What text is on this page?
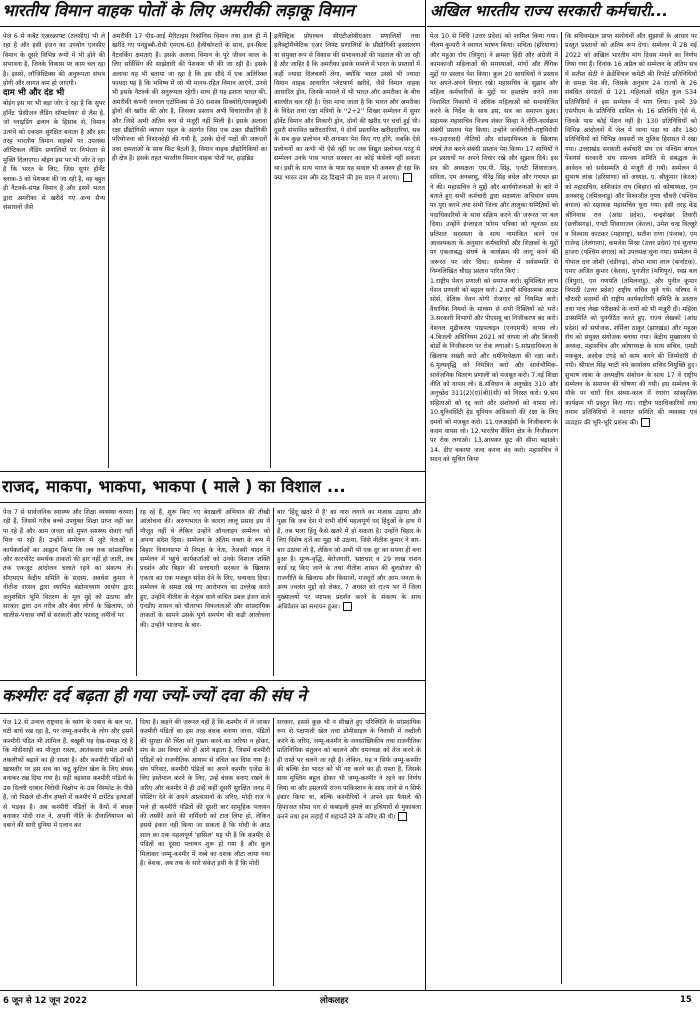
भारतीय विमान वाहक पोतों के लिए अमरीकी लड़ाकू विमान

पेज 6 से कंबैट एअरक्राफ्ट (टलसीए) भी ले रहा है और इसी इंजन का उपयोग एलसीए विमान के दूसरे विभिन्न रूपों में भी होने की संभावना है, जिनके विकास पर काम चल रहा है। इससे, लॉजिस्टिक्स की अनुरूपता संभव होगी और लागत कम हो जाएगी।

दाम भी और दंड भी

बोइंग इस पर भी बड़ा जोर दे रहा है कि सुपर हॉर्नेट 'प्रेसीजन लैंडिंग सॉफ्टवेयर' से लैस है, जो ग्लाइडिंग ढलान के हिसाब से, विमान उतरने को एकदम सुरक्षित बनाता है और इस तरह भारतीय विमान वाहकों पर उपलब्ध ऑप्टिकल लैंडिंग प्रणालियों पर निर्भरता से मुक्ति दिलाएगा। बोइंग इस पर भी जोर दे रहा है कि भारत के लिए, जिस सुपर हॉर्नेट ब्लाक-3 को पेशकश की जा रही है, वह बहुत ही नैटवर्क-संपन्न विमान है और इसमें भारत द्वारा अमरीका से खरीदे गए अन्य सैन्य संसाधनों जैसे

अमरीकी 17 पीड-आई मैरीटाइम रिकॉनिस विमान तथा हाल ही में खरीदे गए पनडुब्बी-रोधी एमएच-60 हैलीकोप्टरों के साथ, इन-बिल्ट नैटवर्किंग क्षमताएं हैं। इसके अलावा विमान के पूरे जीवन काल के लिए सर्विसिंग की साझेदारी की पेशकश भी की जा रही है। इसके अलावा यह भी बताया जा रहा है कि इस सौदे में एक अतिरिक्त फायदा यह है कि भविष्य में जो भी मानव-रहित विमान आएंगे, उनसे भी इसके नैटवर्क की अनुरूपता रहेगी। साथ ही यह इशारा भारत की, अमरीकी कंपनी जनरल एटोमिक्स से 30 सशस्त्र सिक्योरी/एमक्यू9बी ड्रोनों की खरीद की ओर है, जिसका प्रस्ताव अभी विचाराधीन ही है और जिसे अभी अंतिम रूप से मंजूरी नहीं मिली है। इसके अलावा रक्षा प्रौद्योगिकी व्यापार पहल के अंतर्गत जिस एक उन्नत प्रौद्योगिकी परियोजना को निशानदेही की गयी है, उसके दोनों पक्षों की जरूरतों तथा क्षमताओं के साथ फिट बैठती है, विमान वाहक प्रौद्योगिकियों का ही क्षेत्र है। इसके तहत भारतीय विमान वाहक पोतों पर, हाइब्रिड

इलैक्ट्रिक प्रोपल्सन सीएटीओबीएआर प्रणालियों तथा इलैक्ट्रोमैग्नेटिक एअर लिफ्ट प्रणालियों के प्रौद्योगिकी हस्तांतरण या संयुक्त रूप से विकास की संभावनाओं की पड़ताल की जा रही है और जाहिर है कि अमरीका इसके मामले में भारत के प्रस्तावों में कहीं ज्यादा दिलचस्पी लेगा, क्योंकि भारत उससे भी ज्यादा विमान वाहक आधारित प्लेटफार्म खरीदे, जैसे विमान वाहक आधारित ड्रोन, जिनके मामले में भी भारत और अमरीका के बीच बातचीत चल रही है। ऐसा माना जाता है कि भारत और अमरीका के विदेश तथा रक्षा मंत्रियों के ''2+2'' शिखर सम्मेलन में सुपर हॉर्नेट विमान और शिकारी ड्रोन, दोनों की खरीद पर चर्चा हुई थी। दूसरी संभावित खरीददारियां, ये दोनों प्रस्तावित खरीददारियां, सब के सब कुछ प्रलोभन भी लगाकर पेश किए गए होंगे, जबकि ऐसे प्रलोभनों का कभी भी ऐसे नहीं पर जब विद्युत प्रलोभन परंतु ये सम्मेलन उनके पास भारत सरकार का कोई कंसेलो नहीं सकता था। इसी के साथ भारत के पास यह सवाल भी अवश्य ही रहा कि क्या भारत दाम और दंड दिखाने की इस चाल में आएगा।

अखिल भारतीय राज्य सरकारी कर्मचारी...

पेज 10 से निधि (उत्तर प्रदेश) को शामिल किया गया। नीलम कुमारी ने स्वागत भाषण किया। सचिता (हरियाणा) और महुआ रॉय (त्रिपुरा) ने क्रमशः हिंदी और अंग्रेजी में कामकाजी महिलाओं की समस्याओं, मांगों और लैंगिक मुद्दों पर प्रस्ताव पेश किया। कुल 20 सायथियों ने प्रस्ताव पर अपने-अपने विचार रखे। महासचिव के सुझाव और महिला कर्मचारियों के मुद्दों पर हस्तक्षेप करने तथा निवासित निकायों में अधिक महिलाओं को समायोजित करने के निर्देश के साथ इस, सत्र का समापन हुआ। सहायक महासचिव विजय शंकर सिन्हा ने नीति-कार्यक्रम संबंधी प्रस्ताव पेश किया। उन्होंने जनविरोधी-राष्ट्रविरोधी नव-उदारवादी नीतियों और सांप्रदायिकता के खिलाफ संघर्ष तेज करने संबंधी प्रस्ताव पेश किया। 17 साथियों ने इन प्रस्तावों पर अपने विचार रखे और सुझाव दिये। इस सत्र की अध्यक्षता एस.पी. सिंह, एनटी शिवाराजन, सविता, एम अनबरसु, वीरेंद्र सिंह बघेल और गणपत झा ने की। महासचिव ने मुद्दों और कार्ययोजनाओं के बारे में बताते हुए सभी कर्मचारी द्वारा सदस्यता अभियान समय पर पूरा करने तथा सभी जिला और तालुका समितियों को पदाधिकारियों के साथ सक्रिय करने की जरूरत पर बल दिया। उन्होंने इंप्लाइज फोरम पत्रिका को न्यूनतम दस प्रतिशत सदस्यता के साथ नामांकित करने एवं आवश्यकता के अनुसार कर्मचारियों और शिक्षकों के मुद्दों पर एकताबद्ध संघर्ष के कार्यक्रम की लागू करने की जरूरत पर जोर दिया। सम्मेलन में सर्वसम्मति से निम्नलिखित चौदह प्रस्ताव पारित किए :

1.राष्ट्रीय पेंशन प्रणाली को समाप्त करो। सुनिश्चित लाभ पेंशन प्रणाली को बहाल करो। 2.सभी संविदात्मक आउट सोर्स, डेलिक वेतन योगी रोजगार को नियमित करो। वैधानिक नियमों के माध्यम से सभी रिक्तियों को भरो। 3.सरकारी विभागों और पीएसयू का निजीकरण बंद करो। नेशनल मुद्रीकरण पाइपलाइन (एनएमपी) वापस लो। 4.बिजली अधिनियम 2021 को वापस लो और बिजली बोर्डों के निजीकरण पर रोक लगाओ। 5.सांप्रदायिकता के खिलाफ सख्ती करो और धर्मनिरपेक्षता की रक्षा करो। 6.मूल्यवृद्धि को नियंत्रित करो और सार्वभौमिक-सार्वजनिक वितरण प्रणाली को मजबूत करो। 7.नई शिक्षा नीति को वापस लो। 8.संविधान के अनुच्छेद 310 और अनुच्छेद 311(2)(ए)(बी)(सी) को निरस्त करो। 9.श्रम संहिताओं को रद्द करो और संशोधनों को वापस लो। 10.यूनिवर्सिटी हेड यूनियन अधिकारों की रक्षा के लिए दमनों को मजबूत करो। 11.एलआईसी के निजीकरण के कदम वापस लो। 12.भारतीय बैंकिंग क्षेत्र के निजीकरण पर रोक लगाओ। 13.आयकर छूट की सीमा बढ़ाओ। 14. डीए बकाया जल्द करना बंद करो। महासचिव ने सदन को सूचित किया

कि सचिवमंडल प्राप्त संशोधनों और सुझावों के आधार पर प्रस्तुत प्रस्तावों को अंतिम रूप देगा। सम्मेलन में 28 मई 2022 को अखिल भारतीय मांग दिवस मनाने का निर्णय लिया गया है। दिनांक 16 अप्रैल को सम्मेलन के अंतिम सत्र में सतीश सेठी ने क्रेडेंशियल कमेटी की रिपोर्ट प्रतिनिधियों के समक्ष पेश की, जिसके अनुसार 24 राज्यों के 26 संबंधित संगठनों से 121 महिलाओं सहित कुल 534 प्रतिनिधियों ने इस सम्मेलन में भाग लिया। इनमें 39 एसपीएम के प्रतिनिधि शामिल थे। 16 प्रतिनिधि ऐसे थे, जिनके पास कोई पेंशन नहीं है। 130 प्रतिनिधियों को विभिन्न आंदोलनों में जेल में जाना पड़ा था और 180 प्रतिनिधियों को विभिन्न अवसरों पर पुलिस हिरासत में रखा गया। उत्तराखंड सरकारी कर्मचारी संघ एवं पश्चिम बंगाल पेंशनर्स सरकारी संघ समन्वय समिति से संबद्धता के आवेदन को सर्वसम्मति से मंजूरी दी गयी। सम्मेलन में सुभाष लांबा (हरियाणा) को अध्यक्ष, ए. श्रीकुमार (केरल) को महासचिव, शशिकांत राय (बिहार) को कोषाध्यक्ष, एम अनबरसु (तमिलनाडु) और विश्वजीत गुप्ता चौधरी (पश्चिम बंगाल) को सहायक महासचिव चुना गया। इसी तरह केंद्र श्रीनिवास राव (आंध्र प्रदेश), चन्द्रशेखर तिवारी (छत्तीसगढ़), एनटी शिवाराजन (केरल), उमेश चन्द्र विल्लुरे व विश्वास काटकर (महाराष्ट्र), सतीश राणा (पंजाब), एम राजेन्द्र (तेलंगाना), कमलेश मिश्रा (उत्तर प्रदेश) एवं सुतापा हाजरा (पश्चिम बंगाल) को उपाध्यक्ष चुना गया। सम्मेलन में गोपाल दत्त जोशी (चंडीगढ़), शोभा माया लाल (कर्नाटक), एमए अजित कुमार (केरल), पुनजीत (मणिपुर), स्वप्न बल (त्रिपुरा), एम गणपति (तमिलनाडु), और पुनीत कुमार त्रिपाठी (उत्तर प्रदेश) राष्ट्रीय सचिव चुने गये। परिषद ने चौरासी सदस्यों की राष्ट्रीय कार्यकारिणी समिति के प्रस्ताव तथा पांच लेखा परीक्षकों के नामों को भी मंजूरी दी। महिला उपसमिति को पुनर्गठित करते हुए, राज्य लेखकों (आंध्र प्रदेश) को संयोजक, शर्मिला ठाकुर (झारखंड) और महुआ रॉय को संयुक्त संयोजक बनाया गया। केंद्रीय मुख्यालय से अध्यक्ष, महासचिव और कोषाध्यक्ष के साथ सचिव, एमडी मकबूल, अशोक टंगड़े को काम करने की जिम्मेदारी दी गयी। श्रीपाल सिंह भाटी नये कार्यालय सचिव नियुक्ति हुए। सुभाष लांबा के अध्यक्षीय संबोधन के साथ 17 वें राष्ट्रीय सम्मेलन के समापन की घोषणा की गयी। इस सम्मेलन के मौके पर चारों दिन संध्या-काल में रंगारंग सांस्कृतिक कार्यक्रम भी प्रस्तुत किए गए। राष्ट्रीय पदाधिकारियों तथा तमाम प्रतिनिधियों ने स्वागत समिति की व्यवस्था एवं व्यवहार की भूरि-भूरि प्रशंसा की।

राजद, माकपा, भाकपा, भाकपा ( माले ) का विशाल ...

पेज 7 से सार्वजनिक स्वास्थ्य और शिक्षा व्यवस्था चरमरा रही है, जिससे गरीब बच्चे उपयुक्त शिक्षा प्राप्त नहीं कर पा रहे हैं और आम जनता को मुफ्त स्वास्थ्य सेवाएं नहीं मिल पा रही हैं। उन्होंने सम्मेलन में जुटे नेताओं व कार्यकर्ताओं का आह्वान किया कि जब तक सांप्रदायिक और कारपोरेट समर्थक ताकतों की हार नहीं हो जाती, तब तक एकजुट आंदोलन चलाते रहने का संकल्प लें। सीएमएम केंद्रीय समिति के सदस्य, अवधेश कुमार ने नीतीश शासन द्वारा स्थापित बंद्योपाध्याय आयोग द्वारा अनुशंसित भूमि वितरण के मूल मुद्दे को उठाया और सरकार द्वारा उन गरीब और बेघर लोगों के खिलाफ, जो चालीस-पचास वर्षों से सरकारी और फालतू जमीनों पर

रह रहे हैं, शुरू किए गए बेदखली अभियान की तीखी आलोचना की। अरुणभारत के कारण लालू प्रसाद इस में मौजूद नहीं थे लेकिन उन्होंने ऑनलाइन सम्मेलन को अपना संदेश दिया। सम्मेलन के अंतिम वक्ता के रूप में बिहार विधानसभा में विपक्ष के नेता, तेजस्वी यादव ने सम्मेलन में पहुंचे कार्यकर्ताओं को उनके विशाल शक्ति प्रदर्शन और बिहार की सत्ताधारी सरकार के खिलाफ एकता का एक मजबूत संदेश देने के लिए, धन्यवाद दिया। सम्मेलन के समक्ष रखे गए आरोपपत्र का उल्लेख करते हुए, उन्होंने नीतीश के नेतृत्व वाले कथित डबल इंजन वाले एनडीए शासन को चौतरफा विफलताओं और सांप्रदायिक ताकतों के सामने उसके पूर्ण समर्पण की कड़ी आलोचना की। उन्होंने भाजपा के बार-

बार 'हिंदू खतरे में है' का नारा लगाने का मजाक उड़ाया और पूछा कि जब देश में सभी शीर्ष महत्वपूर्ण पद हिंदुओं के हाथ में हैं, तब भला हिंदू कैसे खतरे में हो सकता है। उन्होंने बिहार के लिए विशेष दर्जे का मुद्दा भी उठाया, जिसे नीतीश कुमार ने बार-बार उठाया तो है, लेकिन जो अभी भी एक दूर का सपना ही बना हुआ है। मूल्य-वृद्धि, बेरोजगारी, भ्रष्टाचार व 29 लाख राशन कार्ड रद्द किए जाने के तथा नीतीश शासन की बुलडोजर की राजनीति के खिलाफ और किसानों, मजदूरों और आम जनता के अन्य ज्वलंत मुद्दों को लेकर, 7 अगस्त को राज्य भर में जिला मुख्यालयों पर व्यापक प्रदर्शन करने के संकल्प के साथ अधिवेशन का समापन हुआ।

कश्मीरः दर्द बढ़ता ही गया ज्यों-ज्यों दवा की संघ ने

पेज 12 से उन्मत्त राष्ट्रवाद के स्वांग के दबाव के बल पर, घटी बाधे रख रहा है, पर जम्मू-कश्मीर के लोग और इसमें कश्मीरी पंडित भी शामिल हैं, बखूबी यह देख-समझ रहे हैं कि मोदीशाही का मौजूदा रास्ता, आतंकवाद समेत उनकी तकलीफों बढ़ाने का ही रास्ता है। और कश्मीरी पंडितों को खासतौर पर इस सच का कटु कुटिल खेल के लिए बंधक बनाकर रख दिया गया है। यही वहसास कश्मीरी पंडितों के उस दिल्ली दरबार विरोधी विक्षोभ के उस विस्फोट के पीछे है, जो पिछले दो-तीन हफ्तों में कश्मीर में टार्गेटेड हत्याओं से भड़का है। अब कश्मीरी पंडितों के कैंपों में बंधक बनाकर मोदी राज ने, अपनी नीति के दीवालियापन को दबाने की सारी दुनिया में एलान कर

दिया है। कहने की जरूरत नहीं है कि कश्मीर में ले जाकर कश्मीरी पंडितों का इस तरह बंधक बनाया जाना, पंडितों की सुरक्षा की चिंता को पुख्ता करने का जरिया न होकर, संघ के उस विचार को ही आगे बढ़ाता है, जिसमें कश्मीरी पंडितों को राजनीतिक आयाम से वंचित कर दिया गया है। संघ परिवार, कश्मीरी पंडितों का अपने कश्मीर एजेंडा के लिए इस्तेमाल करने के लिए, उन्हें बंधक बनाए रखने के जरिए और कश्मीर में ही उन्हें कहीं दूसरी सुरक्षित जगह में पोस्टिंग देने के अपने आश्वासनों के जरिए, मोदी राज ने भले ही कश्मीरी पंडितों की दूसरी बार सामूहिक पलायन की तस्वीरें आने की शर्मिंदगी को टाल लिया हो, लेकिन इससे इंकार नहीं किया जा सकता है कि मोदी के आठ साल का एक महत्वपूर्ण 'हासिल' यह भी है कि कश्मीर से पंडितों का दूसरा पलायन शुरू हो गया है और कुल मिलाकर जम्मू-कश्मीर में नब्बे का दशक लौटा लाया गया है। बेशक, अब तक के सारे संकेत इसी के हैं कि मोदी

सरकार, इससे कुछ भी न सीखते हुए परिस्थिति के सांप्रदायिक रूप से पक्षपाती खेल तथा डोमीसाइल के निवासी में तब्दीली करने के जरिए, जम्मू-कश्मीर के जनसांख्यिकीय तथा राजनीतिक प्रातिनिधिक संतुलन को बदलने और दमनचक्र को तेज करने के ही रास्ते पर चलने जा रही है। लेकिन, यह न सिर्फ जम्मू-कश्मीर की बल्कि देश भारत को भी नष्ट करने का ही रास्ता है, जिसके साथ मुस्लिम बहुल होकर भी जम्मू-कश्मीर ने रहने का निर्णय लिया था और इसलामी राज्य पाकिस्तान के साथ जाने से न सिर्फ इंकार किया था, बल्कि कश्मीरियों ने अपने इस फैसले की हिफाजत सीमा पार से कबाइली हमले का हथियारों से मुकाबला करने तथा इस लड़ाई में शहादतें देने के जरिए की थी।

6 जून से 12 जून 2022	लोकलहर	15
